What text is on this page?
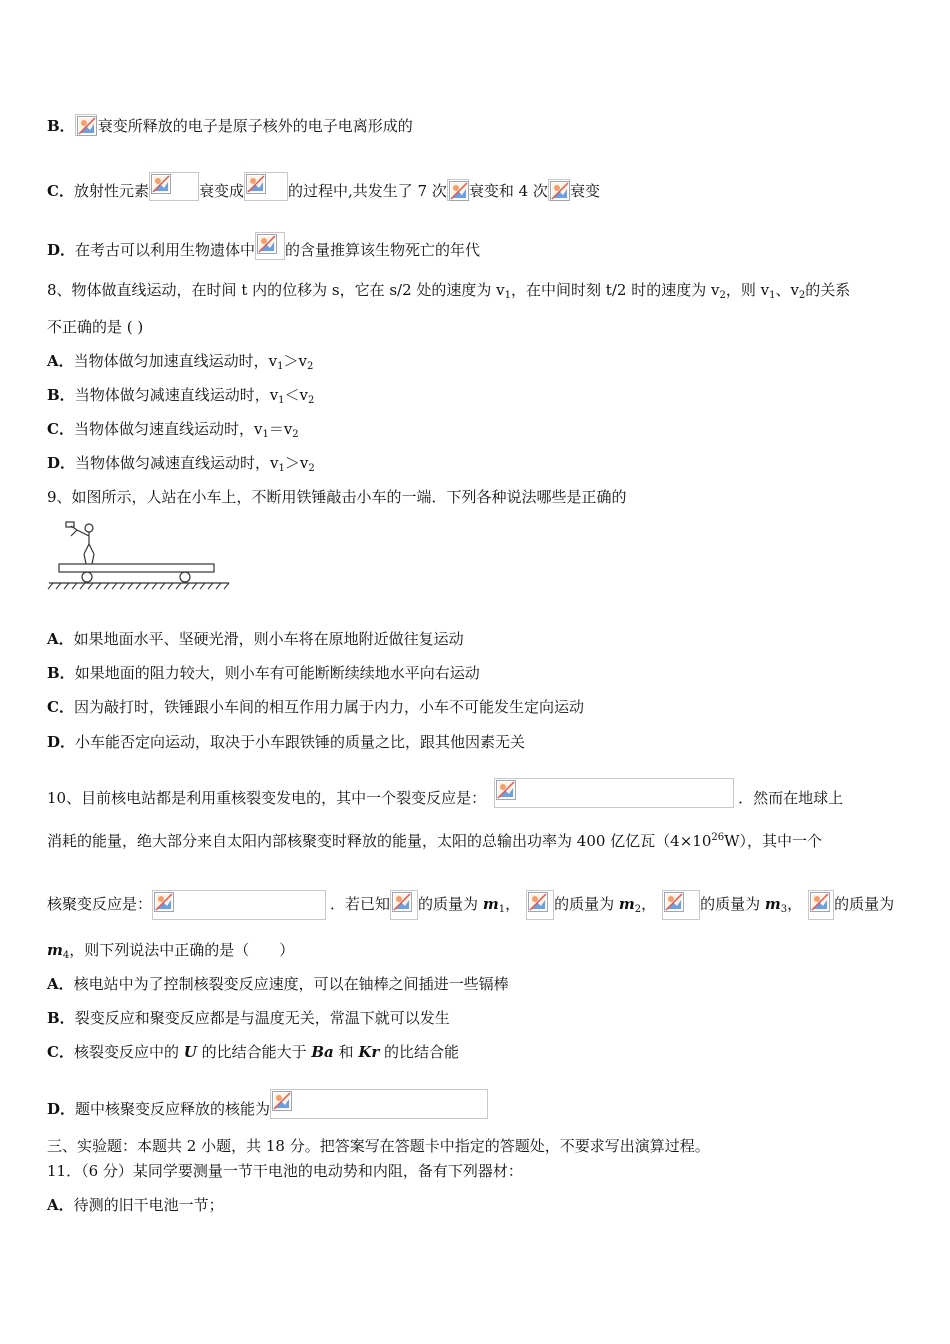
B． 衰变所释放的电子是原子核外的电子电离形成的
C．放射性元素	衰变成	的过程中,共发生了 7 次 衰变和 4 次 衰变
D．在考古可以利用生物遗体中 的含量推算该生物死亡的年代
8、物体做直线运动，在时间 t 内的位移为 s，它在 s/2 处的速度为 $v_1$，在中间时刻 t/2 时的速度为 $v_2$，则 $v_1$、$v_2$的关系
不正确的是 ( )
A．当物体做匀加速直线运动时，$v_1>v_2$
B．当物体做匀减速直线运动时，$v_1<v_2$
C．当物体做匀速直线运动时，$v_1=v_2$
D．当物体做匀减速直线运动时，$v_1>v_2$
9、如图所示，人站在小车上，不断用铁锤敲击小车的一端．下列各种说法哪些是正确的
A．如果地面水平、坚硬光滑，则小车将在原地附近做往复运动
B．如果地面的阻力较大，则小车有可能断断续续地水平向右运动
C．因为敲打时，铁锤跟小车间的相互作用力属于内力，小车不可能发生定向运动
D．小车能否定向运动，取决于小车跟铁锤的质量之比，跟其他因素无关
10、目前核电站都是利用重核裂变发电的，其中一个裂变反应是：	．然而在地球上
消耗的能量，绝大部分来自太阳内部核聚变时释放的能量，太阳的总输出功率为 400 亿亿瓦$(4\times 10^{26}W)$，其中一个
核聚变反应是：	．若已知 的质量为 $m_1$， 的质量为 $m_2$，	的质量为 $m_3$， 的质量为
$m_4$，则下列说法中正确的是（　　）
A．核电站中为了控制核裂变反应速度，可以在铀棒之间插进一些镉棒
B．裂变反应和聚变反应都是与温度无关，常温下就可以发生
C．核裂变反应中的 U 的比结合能大于 Ba 和 Kr 的比结合能
D．题中核聚变反应释放的核能为
三、实验题：本题共 2 小题，共 18 分。把答案写在答题卡中指定的答题处，不要求写出演算过程。
11．（6 分）某同学要测量一节干电池的电动势和内阻，备有下列器材：
A．待测的旧干电池一节；
